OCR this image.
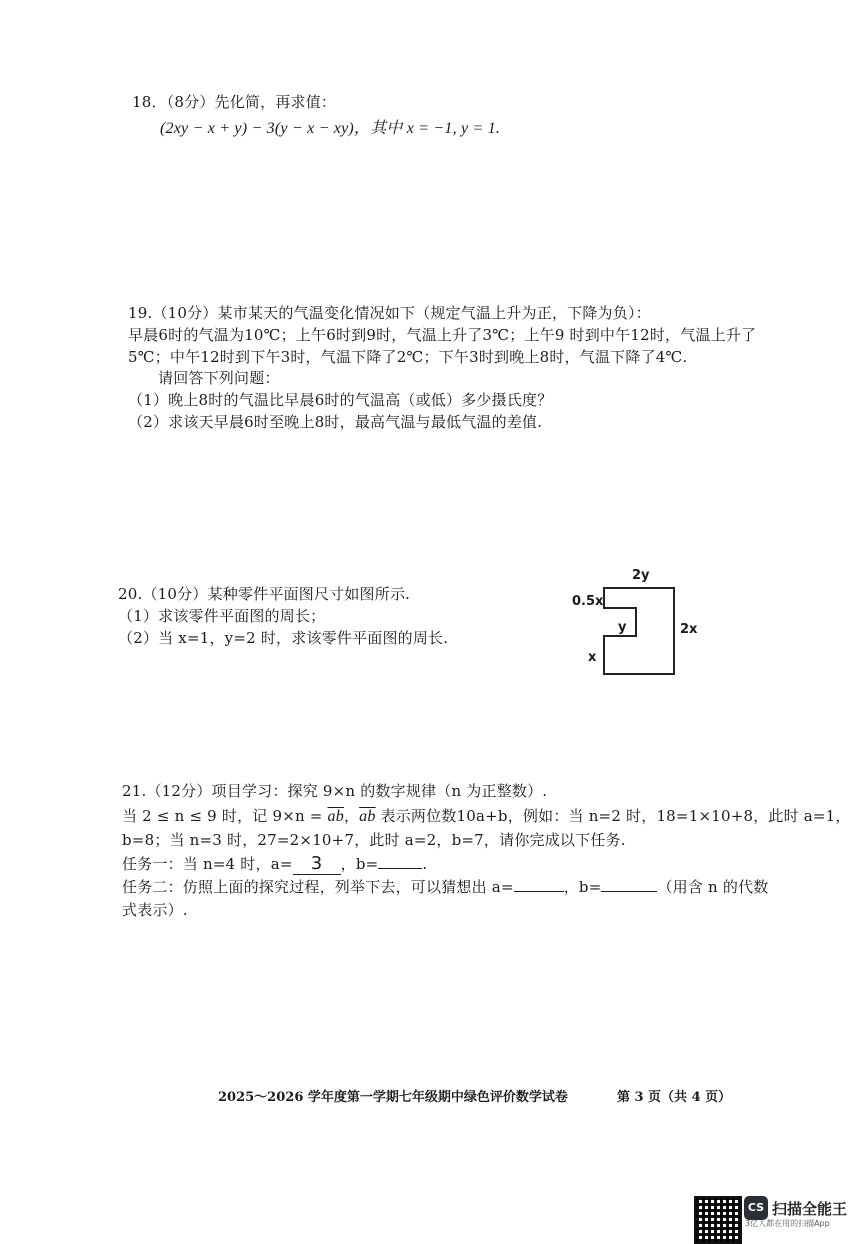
18．（8分）先化简，再求值：
(2xy − x + y) − 3(y − x − xy)，其中 x = −1, y = 1.
19.（10分）某市某天的气温变化情况如下（规定气温上升为正，下降为负）：
早晨6时的气温为10℃；上午6时到9时，气温上升了3℃；上午9 时到中午12时，气温上升了
5℃；中午12时到下午3时，气温下降了2℃；下午3时到晚上8时，气温下降了4℃.
请回答下列问题：
（1）晚上8时的气温比早晨6时的气温高（或低）多少摄氏度？
（2）求该天早晨6时至晚上8时，最高气温与最低气温的差值.
20.（10分）某种零件平面图尺寸如图所示.
（1）求该零件平面图的周长；
（2）当 x=1，y=2 时，求该零件平面图的周长.
2y
0.5x
y	2x
x
21.（12分）项目学习：探究 9×n 的数字规律（n 为正整数）.
当 2 ≤ n ≤ 9 时，记 $9\times n = \overline{ab}$，$\overline{ab}$ 表示两位数10a+b，例如：当 n=2 时，18=1×10+8，此时 a=1，
b=8；当 n=3 时，27=2×10+7，此时 a=2，b=7，请你完成以下任务.
任务一：当 n=4 时，a= 3 ，b=	.
任务二：仿照上面的探究过程，列举下去，可以猜想出 a=	，b=	（用含 n 的代数
式表示）.
2025～2026 学年度第一学期七年级期中绿色评价数学试卷	第 3 页（共 4 页）
CS 扫描全能王
3亿人都在用的扫描App
